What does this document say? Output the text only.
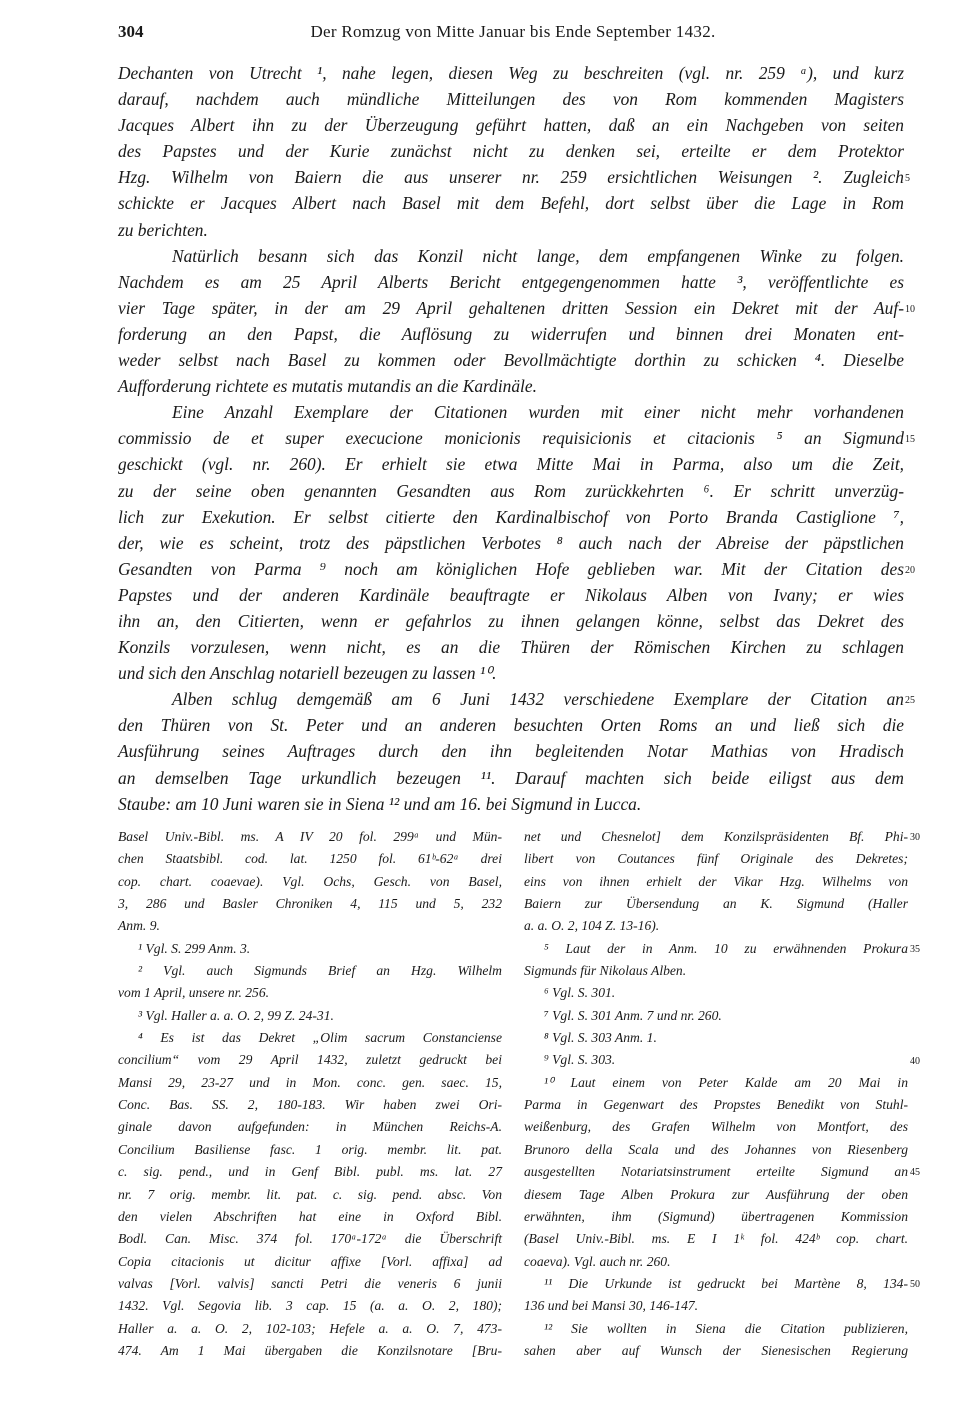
304	Der Romzug von Mitte Januar bis Ende September 1432.
Dechanten von Utrecht ¹, nahe legen, diesen Weg zu beschreiten (vgl. nr. 259 ᵃ), und kurz
darauf, nachdem auch mündliche Mitteilungen des von Rom kommenden Magisters
Jacques Albert ihn zu der Überzeugung geführt hatten, daß an ein Nachgeben von seiten
des Papstes und der Kurie zunächst nicht zu denken sei, erteilte er dem Protektor
Hzg. Wilhelm von Baiern die aus unserer nr. 259 ersichtlichen Weisungen ². Zugleich
schickte er Jacques Albert nach Basel mit dem Befehl, dort selbst über die Lage in Rom
zu berichten.
Natürlich besann sich das Konzil nicht lange, dem empfangenen Winke zu folgen.
Nachdem es am 25 April Alberts Bericht entgegengenommen hatte ³, veröffentlichte es
vier Tage später, in der am 29 April gehaltenen dritten Session ein Dekret mit der Auf-
forderung an den Papst, die Auflösung zu widerrufen und binnen drei Monaten ent-
weder selbst nach Basel zu kommen oder Bevollmächtigte dorthin zu schicken ⁴. Dieselbe
Aufforderung richtete es mutatis mutandis an die Kardinäle.
Eine Anzahl Exemplare der Citationen wurden mit einer nicht mehr vorhandenen
commissio de et super execucione monicionis requisicionis et citacionis ⁵ an Sigmund
geschickt (vgl. nr. 260). Er erhielt sie etwa Mitte Mai in Parma, also um die Zeit,
zu der seine oben genannten Gesandten aus Rom zurückkehrten ⁶. Er schritt unverzüg-
lich zur Exekution. Er selbst citierte den Kardinalbischof von Porto Branda Castiglione ⁷,
der, wie es scheint, trotz des päpstlichen Verbotes ⁸ auch nach der Abreise der päpstlichen
Gesandten von Parma ⁹ noch am königlichen Hofe geblieben war. Mit der Citation des
Papstes und der anderen Kardinäle beauftragte er Nikolaus Alben von Ivany; er wies
ihn an, den Citierten, wenn er gefahrlos zu ihnen gelangen könne, selbst das Dekret des
Konzils vorzulesen, wenn nicht, es an die Thüren der Römischen Kirchen zu schlagen
und sich den Anschlag notariell bezeugen zu lassen ¹⁰.
Alben schlug demgemäß am 6 Juni 1432 verschiedene Exemplare der Citation an
den Thüren von St. Peter und an anderen besuchten Orten Roms an und ließ sich die
Ausführung seines Auftrages durch den ihn begleitenden Notar Mathias von Hradisch
an demselben Tage urkundlich bezeugen ¹¹. Darauf machten sich beide eiligst aus dem
Staube: am 10 Juni waren sie in Siena ¹² und am 16. bei Sigmund in Lucca.
5
10
15
20
25
Basel Univ.-Bibl. ms. A IV 20 fol. 299ᵃ und Mün-
chen Staatsbibl. cod. lat. 1250 fol. 61ᵇ-62ᵃ drei
cop. chart. coaevae). Vgl. Ochs, Gesch. von Basel,
3, 286 und Basler Chroniken 4, 115 und 5, 232
Anm. 9.
¹ Vgl. S. 299 Anm. 3.
² Vgl. auch Sigmunds Brief an Hzg. Wilhelm
vom 1 April, unsere nr. 256.
³ Vgl. Haller a. a. O. 2, 99 Z. 24-31.
⁴ Es ist das Dekret „Olim sacrum Constanciense
concilium“ vom 29 April 1432, zuletzt gedruckt bei
Mansi 29, 23-27 und in Mon. conc. gen. saec. 15,
Conc. Bas. SS. 2, 180-183. Wir haben zwei Ori-
ginale davon aufgefunden: in München Reichs-A.
Concilium Basiliense fasc. 1 orig. membr. lit. pat.
c. sig. pend., und in Genf Bibl. publ. ms. lat. 27
nr. 7 orig. membr. lit. pat. c. sig. pend. absc. Von
den vielen Abschriften hat eine in Oxford Bibl.
Bodl. Can. Misc. 374 fol. 170ᵃ-172ᵃ die Überschrift
Copia citacionis ut dicitur affixe [Vorl. affixa] ad
valvas [Vorl. valvis] sancti Petri die veneris 6 junii
1432. Vgl. Segovia lib. 3 cap. 15 (a. a. O. 2, 180);
Haller a. a. O. 2, 102-103; Hefele a. a. O. 7, 473-
474. Am 1 Mai übergaben die Konzilsnotare [Bru-
net und Chesnelot] dem Konzilspräsidenten Bf. Phi-
libert von Coutances fünf Originale des Dekretes;
eins von ihnen erhielt der Vikar Hzg. Wilhelms von
Baiern zur Übersendung an K. Sigmund (Haller
a. a. O. 2, 104 Z. 13-16).
⁵ Laut der in Anm. 10 zu erwähnenden Prokura
Sigmunds für Nikolaus Alben.
⁶ Vgl. S. 301.
⁷ Vgl. S. 301 Anm. 7 und nr. 260.
⁸ Vgl. S. 303 Anm. 1.
⁹ Vgl. S. 303.
¹⁰ Laut einem von Peter Kalde am 20 Mai in
Parma in Gegenwart des Propstes Benedikt von Stuhl-
weißenburg, des Grafen Wilhelm von Montfort, des
Brunoro della Scala und des Johannes von Riesenberg
ausgestellten Notariatsinstrument erteilte Sigmund an
diesem Tage Alben Prokura zur Ausführung der oben
erwähnten, ihm (Sigmund) übertragenen Kommission
(Basel Univ.-Bibl. ms. E I 1ᵏ fol. 424ᵇ cop. chart.
coaeva). Vgl. auch nr. 260.
¹¹ Die Urkunde ist gedruckt bei Martène 8, 134-
136 und bei Mansi 30, 146-147.
¹² Sie wollten in Siena die Citation publizieren,
sahen aber auf Wunsch der Sienesischen Regierung
30
35
40
45
50
